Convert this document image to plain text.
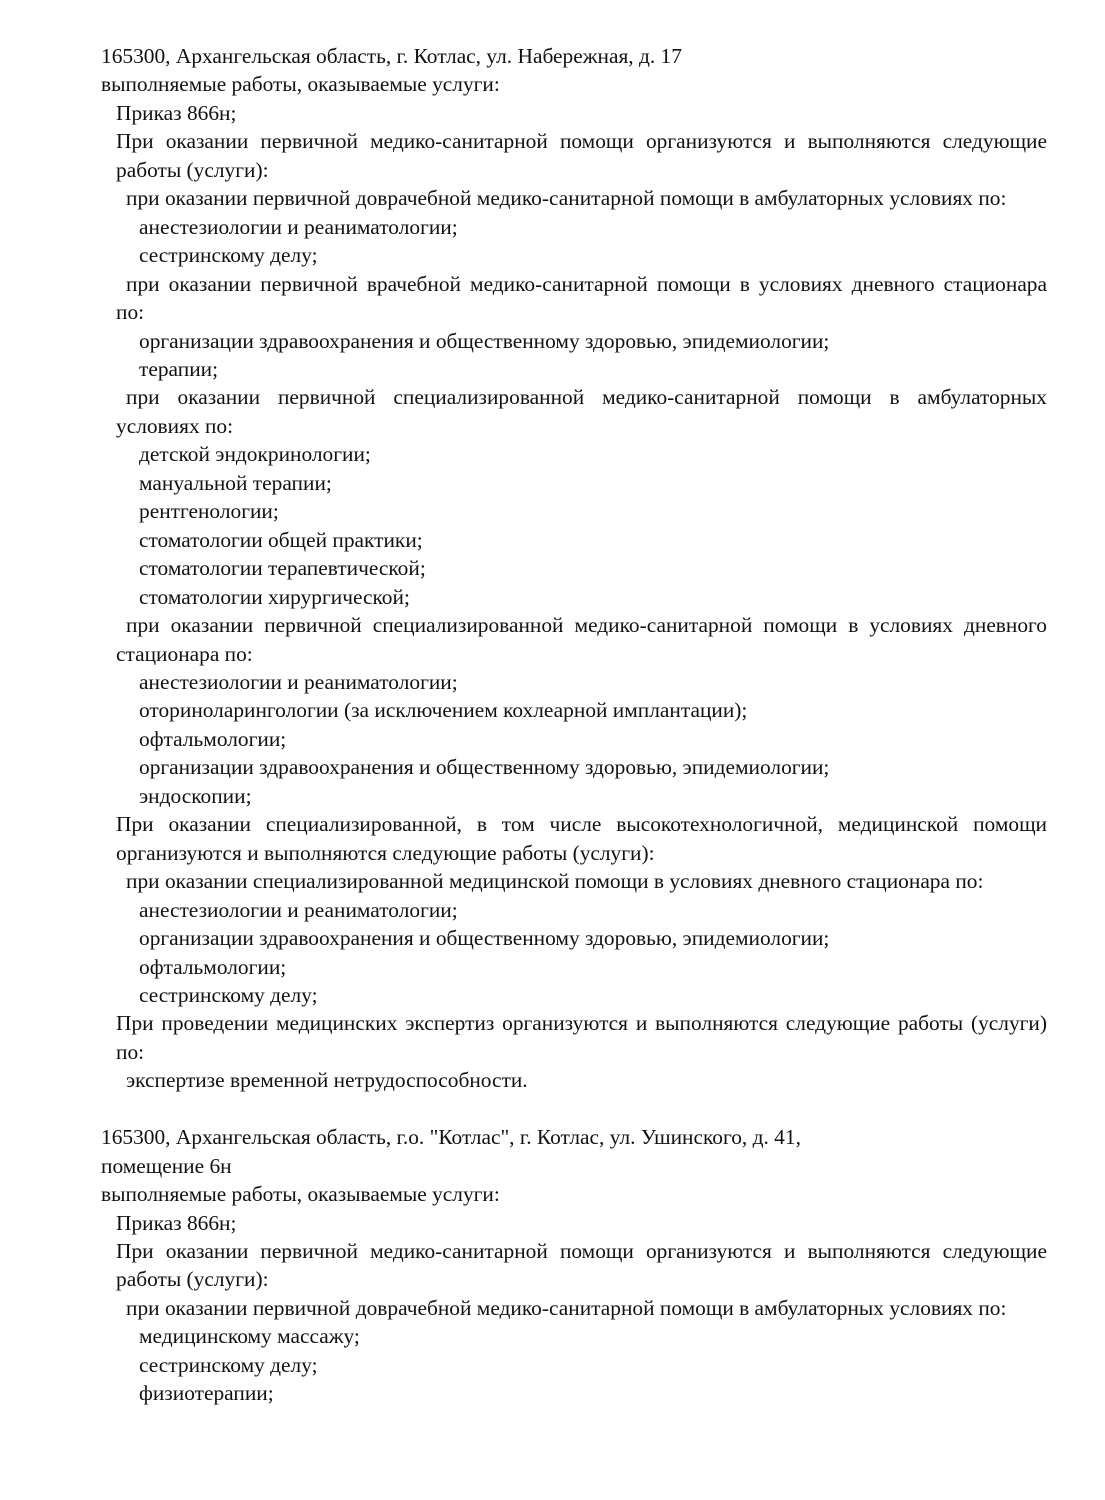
165300, Архангельская область, г. Котлас, ул. Набережная, д. 17

выполняемые работы, оказываемые услуги:

Приказ 866н;

При оказании первичной медико-санитарной помощи организуются и выполняются следующие работы (услуги):

при оказании первичной доврачебной медико-санитарной помощи в амбулаторных условиях по:

анестезиологии и реаниматологии;

сестринскому делу;

при оказании первичной врачебной медико-санитарной помощи в условиях дневного стационара по:

организации здравоохранения и общественному здоровью, эпидемиологии;

терапии;

при оказании первичной специализированной медико-санитарной помощи в амбулаторных условиях по:

детской эндокринологии;

мануальной терапии;

рентгенологии;

стоматологии общей практики;

стоматологии терапевтической;

стоматологии хирургической;

при оказании первичной специализированной медико-санитарной помощи в условиях дневного стационара по:

анестезиологии и реаниматологии;

оториноларингологии (за исключением кохлеарной имплантации);

офтальмологии;

организации здравоохранения и общественному здоровью, эпидемиологии;

эндоскопии;

При оказании специализированной, в том числе высокотехнологичной, медицинской помощи организуются и выполняются следующие работы (услуги):

при оказании специализированной медицинской помощи в условиях дневного стационара по:

анестезиологии и реаниматологии;

организации здравоохранения и общественному здоровью, эпидемиологии;

офтальмологии;

сестринскому делу;

При проведении медицинских экспертиз организуются и выполняются следующие работы (услуги) по:

экспертизе временной нетрудоспособности.

165300, Архангельская область, г.о. "Котлас", г. Котлас, ул. Ушинского, д. 41,

помещение 6н

выполняемые работы, оказываемые услуги:

Приказ 866н;

При оказании первичной медико-санитарной помощи организуются и выполняются следующие работы (услуги):

при оказании первичной доврачебной медико-санитарной помощи в амбулаторных условиях по:

медицинскому массажу;

сестринскому делу;

физиотерапии;
